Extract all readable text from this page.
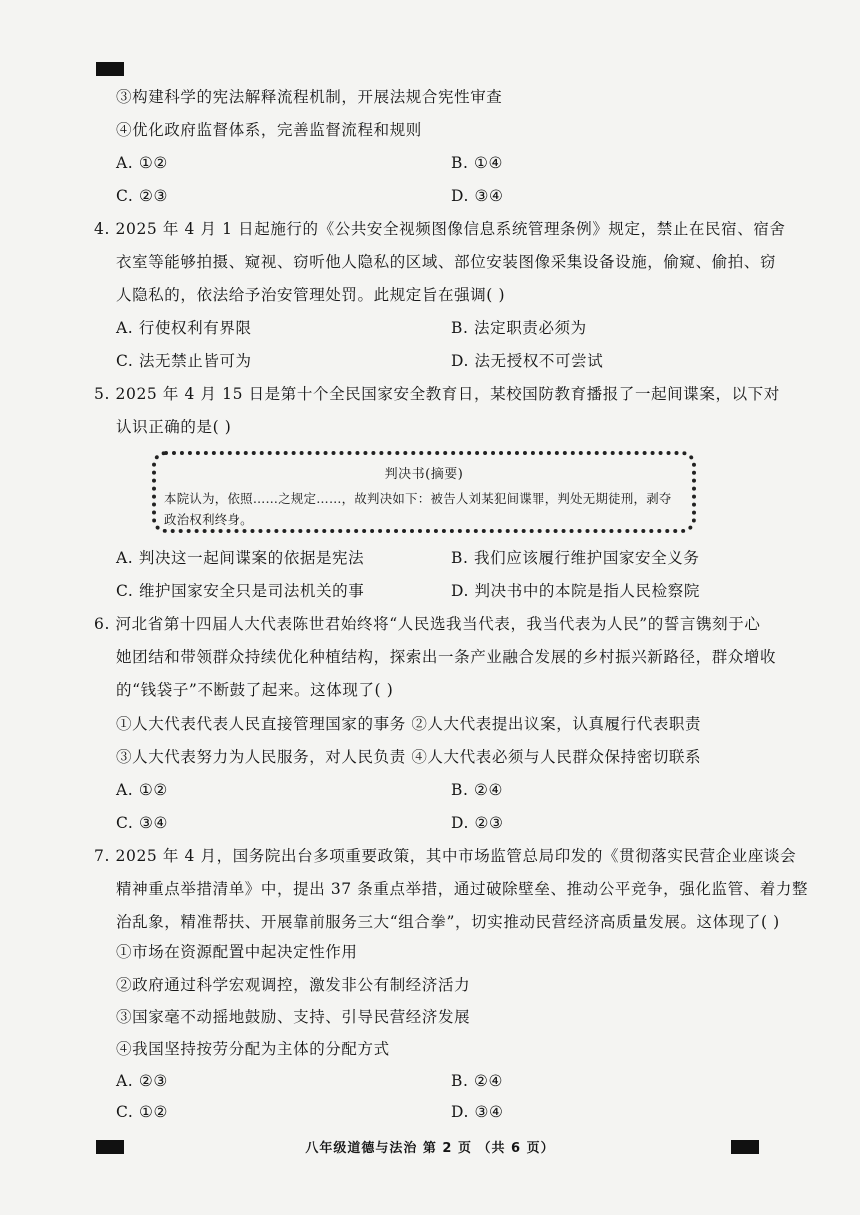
③构建科学的宪法解释流程机制，开展法规合宪性审查
④优化政府监督体系，完善监督流程和规则
A. ①②	B. ①④
C. ②③	D. ③④
4. 2025 年 4 月 1 日起施行的《公共安全视频图像信息系统管理条例》规定，禁止在民宿、宿舍
衣室等能够拍摄、窥视、窃听他人隐私的区域、部位安装图像采集设备设施，偷窥、偷拍、窃
人隐私的，依法给予治安管理处罚。此规定旨在强调( )
A. 行使权利有界限	B. 法定职责必须为
C. 法无禁止皆可为	D. 法无授权不可尝试
5. 2025 年 4 月 15 日是第十个全民国家安全教育日，某校国防教育播报了一起间谍案，以下对
认识正确的是( )
判决书(摘要)
本院认为，依照……之规定……，故判决如下：被告人刘某犯间谍罪，判处无期徒刑，剥夺
政治权利终身。
A. 判决这一起间谍案的依据是宪法	B. 我们应该履行维护国家安全义务
C. 维护国家安全只是司法机关的事	D. 判决书中的本院是指人民检察院
6. 河北省第十四届人大代表陈世君始终将“人民选我当代表，我当代表为人民”的誓言镌刻于心
她团结和带领群众持续优化种植结构，探索出一条产业融合发展的乡村振兴新路径，群众增收
的“钱袋子”不断鼓了起来。这体现了( )
①人大代表代表人民直接管理国家的事务 ②人大代表提出议案，认真履行代表职责
③人大代表努力为人民服务，对人民负责 ④人大代表必须与人民群众保持密切联系
A. ①②	B. ②④
C. ③④	D. ②③
7. 2025 年 4 月，国务院出台多项重要政策，其中市场监管总局印发的《贯彻落实民营企业座谈会
精神重点举措清单》中，提出 37 条重点举措，通过破除壁垒、推动公平竞争，强化监管、着力整
治乱象，精准帮扶、开展靠前服务三大“组合拳”，切实推动民营经济高质量发展。这体现了( )
①市场在资源配置中起决定性作用
②政府通过科学宏观调控，激发非公有制经济活力
③国家毫不动摇地鼓励、支持、引导民营经济发展
④我国坚持按劳分配为主体的分配方式
A. ②③	B. ②④
C. ①②	D. ③④
八年级道德与法治 第 2 页 （共 6 页）
